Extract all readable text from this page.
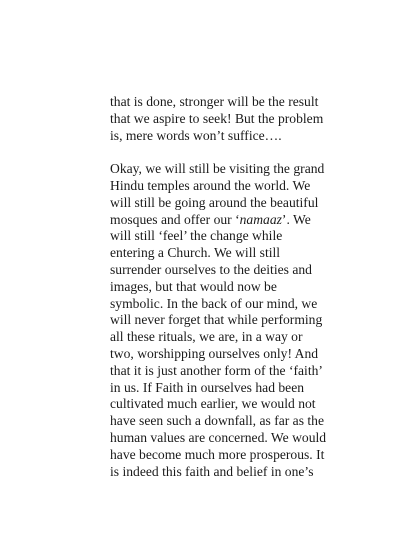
that is done, stronger will be the result
that we aspire to seek! But the problem
is, mere words won’t suffice….
Okay, we will still be visiting the grand
Hindu temples around the world. We
will still be going around the beautiful
mosques and offer our ‘namaaz’. We
will still ‘feel’ the change while
entering a Church. We will still
surrender ourselves to the deities and
images, but that would now be
symbolic. In the back of our mind, we
will never forget that while performing
all these rituals, we are, in a way or
two, worshipping ourselves only! And
that it is just another form of the ‘faith’
in us. If Faith in ourselves had been
cultivated much earlier, we would not
have seen such a downfall, as far as the
human values are concerned. We would
have become much more prosperous. It
is indeed this faith and belief in one’s
